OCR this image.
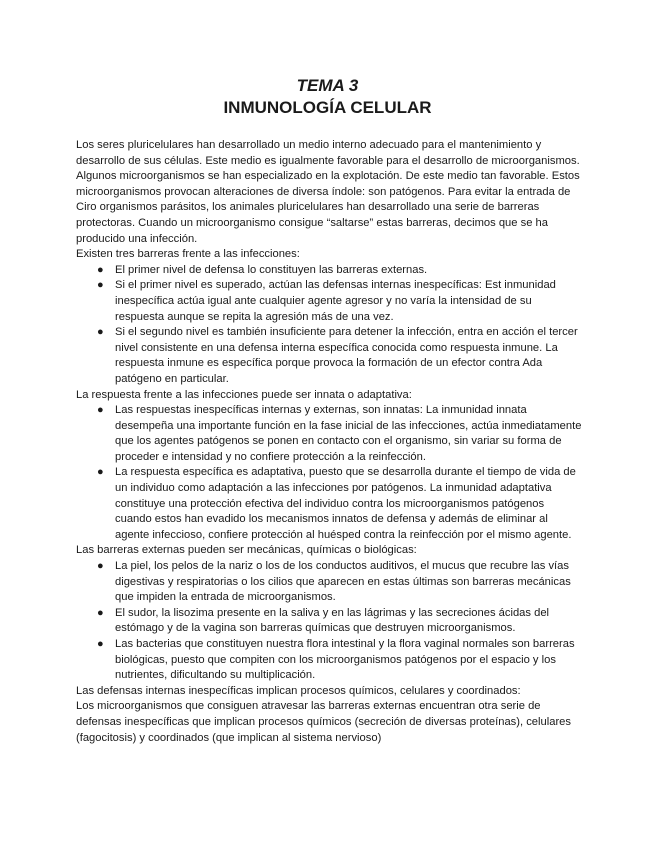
TEMA 3
INMUNOLOGÍA CELULAR

Los seres pluricelulares han desarrollado un medio interno adecuado para el mantenimiento y desarrollo de sus células. Este medio es igualmente favorable para el desarrollo de microorganismos. Algunos microorganismos se han especializado en la explotación. De este medio tan favorable. Estos microorganismos provocan alteraciones de diversa índole: son patógenos. Para evitar la entrada de Ciro organismos parásitos, los animales pluricelulares han desarrollado una serie de barreras protectoras. Cuando un microorganismo consigue “saltarse” estas barreras, decimos que se ha producido una infección.

Existen tres barreras frente a las infecciones:

● El primer nivel de defensa lo constituyen las barreras externas.
● Si el primer nivel es superado, actúan las defensas internas inespecíficas: Est inmunidad inespecífica actúa igual ante cualquier agente agresor y no varía la intensidad de su respuesta aunque se repita la agresión más de una vez.
● Si el segundo nivel es también insuficiente para detener la infección, entra en acción el tercer nivel consistente en una defensa interna específica conocida como respuesta inmune. La respuesta inmune es específica porque provoca la formación de un efector contra Ada patógeno en particular.

La respuesta frente a las infecciones puede ser innata o adaptativa:

● Las respuestas inespecíficas internas y externas, son innatas: La inmunidad innata desempeña una importante función en la fase inicial de las infecciones, actúa inmediatamente que los agentes patógenos se ponen en contacto con el organismo, sin variar su forma de proceder e intensidad y no confiere protección a la reinfección.
● La respuesta específica es adaptativa, puesto que se desarrolla durante el tiempo de vida de un individuo como adaptación a las infecciones por patógenos. La inmunidad adaptativa constituye una protección efectiva del individuo contra los microorganismos patógenos cuando estos han evadido los mecanismos innatos de defensa y además de eliminar al agente infeccioso, confiere protección al huésped contra la reinfección por el mismo agente.

Las barreras externas pueden ser mecánicas, químicas o biológicas:

● La piel, los pelos de la nariz o los de los conductos auditivos, el mucus que recubre las vías digestivas y respiratorias o los cilios que aparecen en estas últimas son barreras mecánicas que impiden la entrada de microorganismos.
● El sudor, la lisozima presente en la saliva y en las lágrimas y las secreciones ácidas del estómago y de la vagina son barreras químicas que destruyen microorganismos.
● Las bacterias que constituyen nuestra flora intestinal y la flora vaginal normales son barreras biológicas, puesto que compiten con los microorganismos patógenos por el espacio y los nutrientes, dificultando su multiplicación.

Las defensas internas inespecíficas implican procesos químicos, celulares y coordinados:

Los microorganismos que consiguen atravesar las barreras externas encuentran otra serie de defensas inespecíficas que implican procesos químicos (secreción de diversas proteínas), celulares (fagocitosis) y coordinados (que implican al sistema nervioso)
